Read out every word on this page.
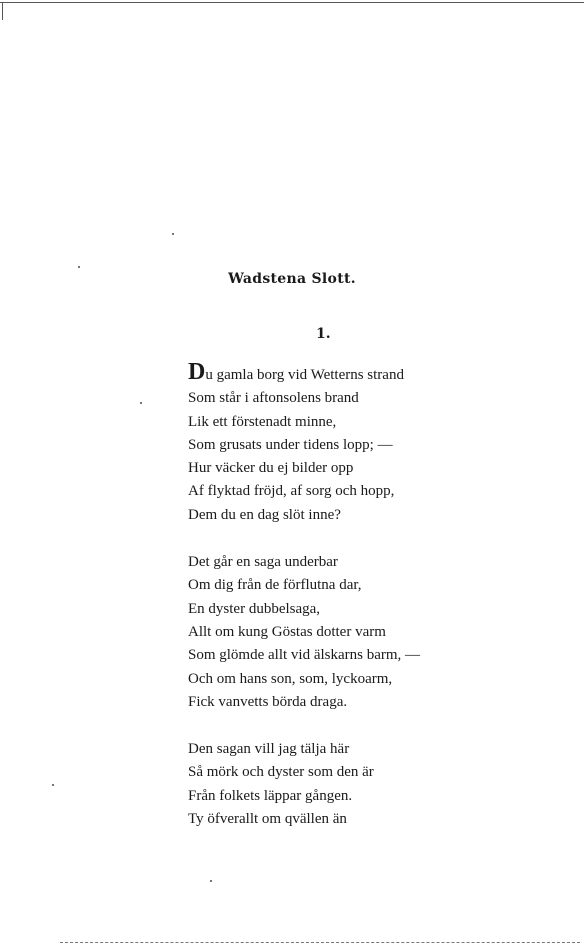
Wadstena Slott.
1.
Du gamla borg vid Wetterns strand
Som står i aftonsolens brand
Lik ett förstenadt minne,
Som grusats under tidens lopp; —
Hur väcker du ej bilder opp
Af flyktad fröjd, af sorg och hopp,
Dem du en dag slöt inne?
Det går en saga underbar
Om dig från de förflutna dar,
En dyster dubbelsaga,
Allt om kung Göstas dotter varm
Som glömde allt vid älskarns barm, —
Och om hans son, som, lyckoarm,
Fick vanvetts börda draga.
Den sagan vill jag tälja här
Så mörk och dyster som den är
Från folkets läppar gången.
Ty öfverallt om qvällen än
